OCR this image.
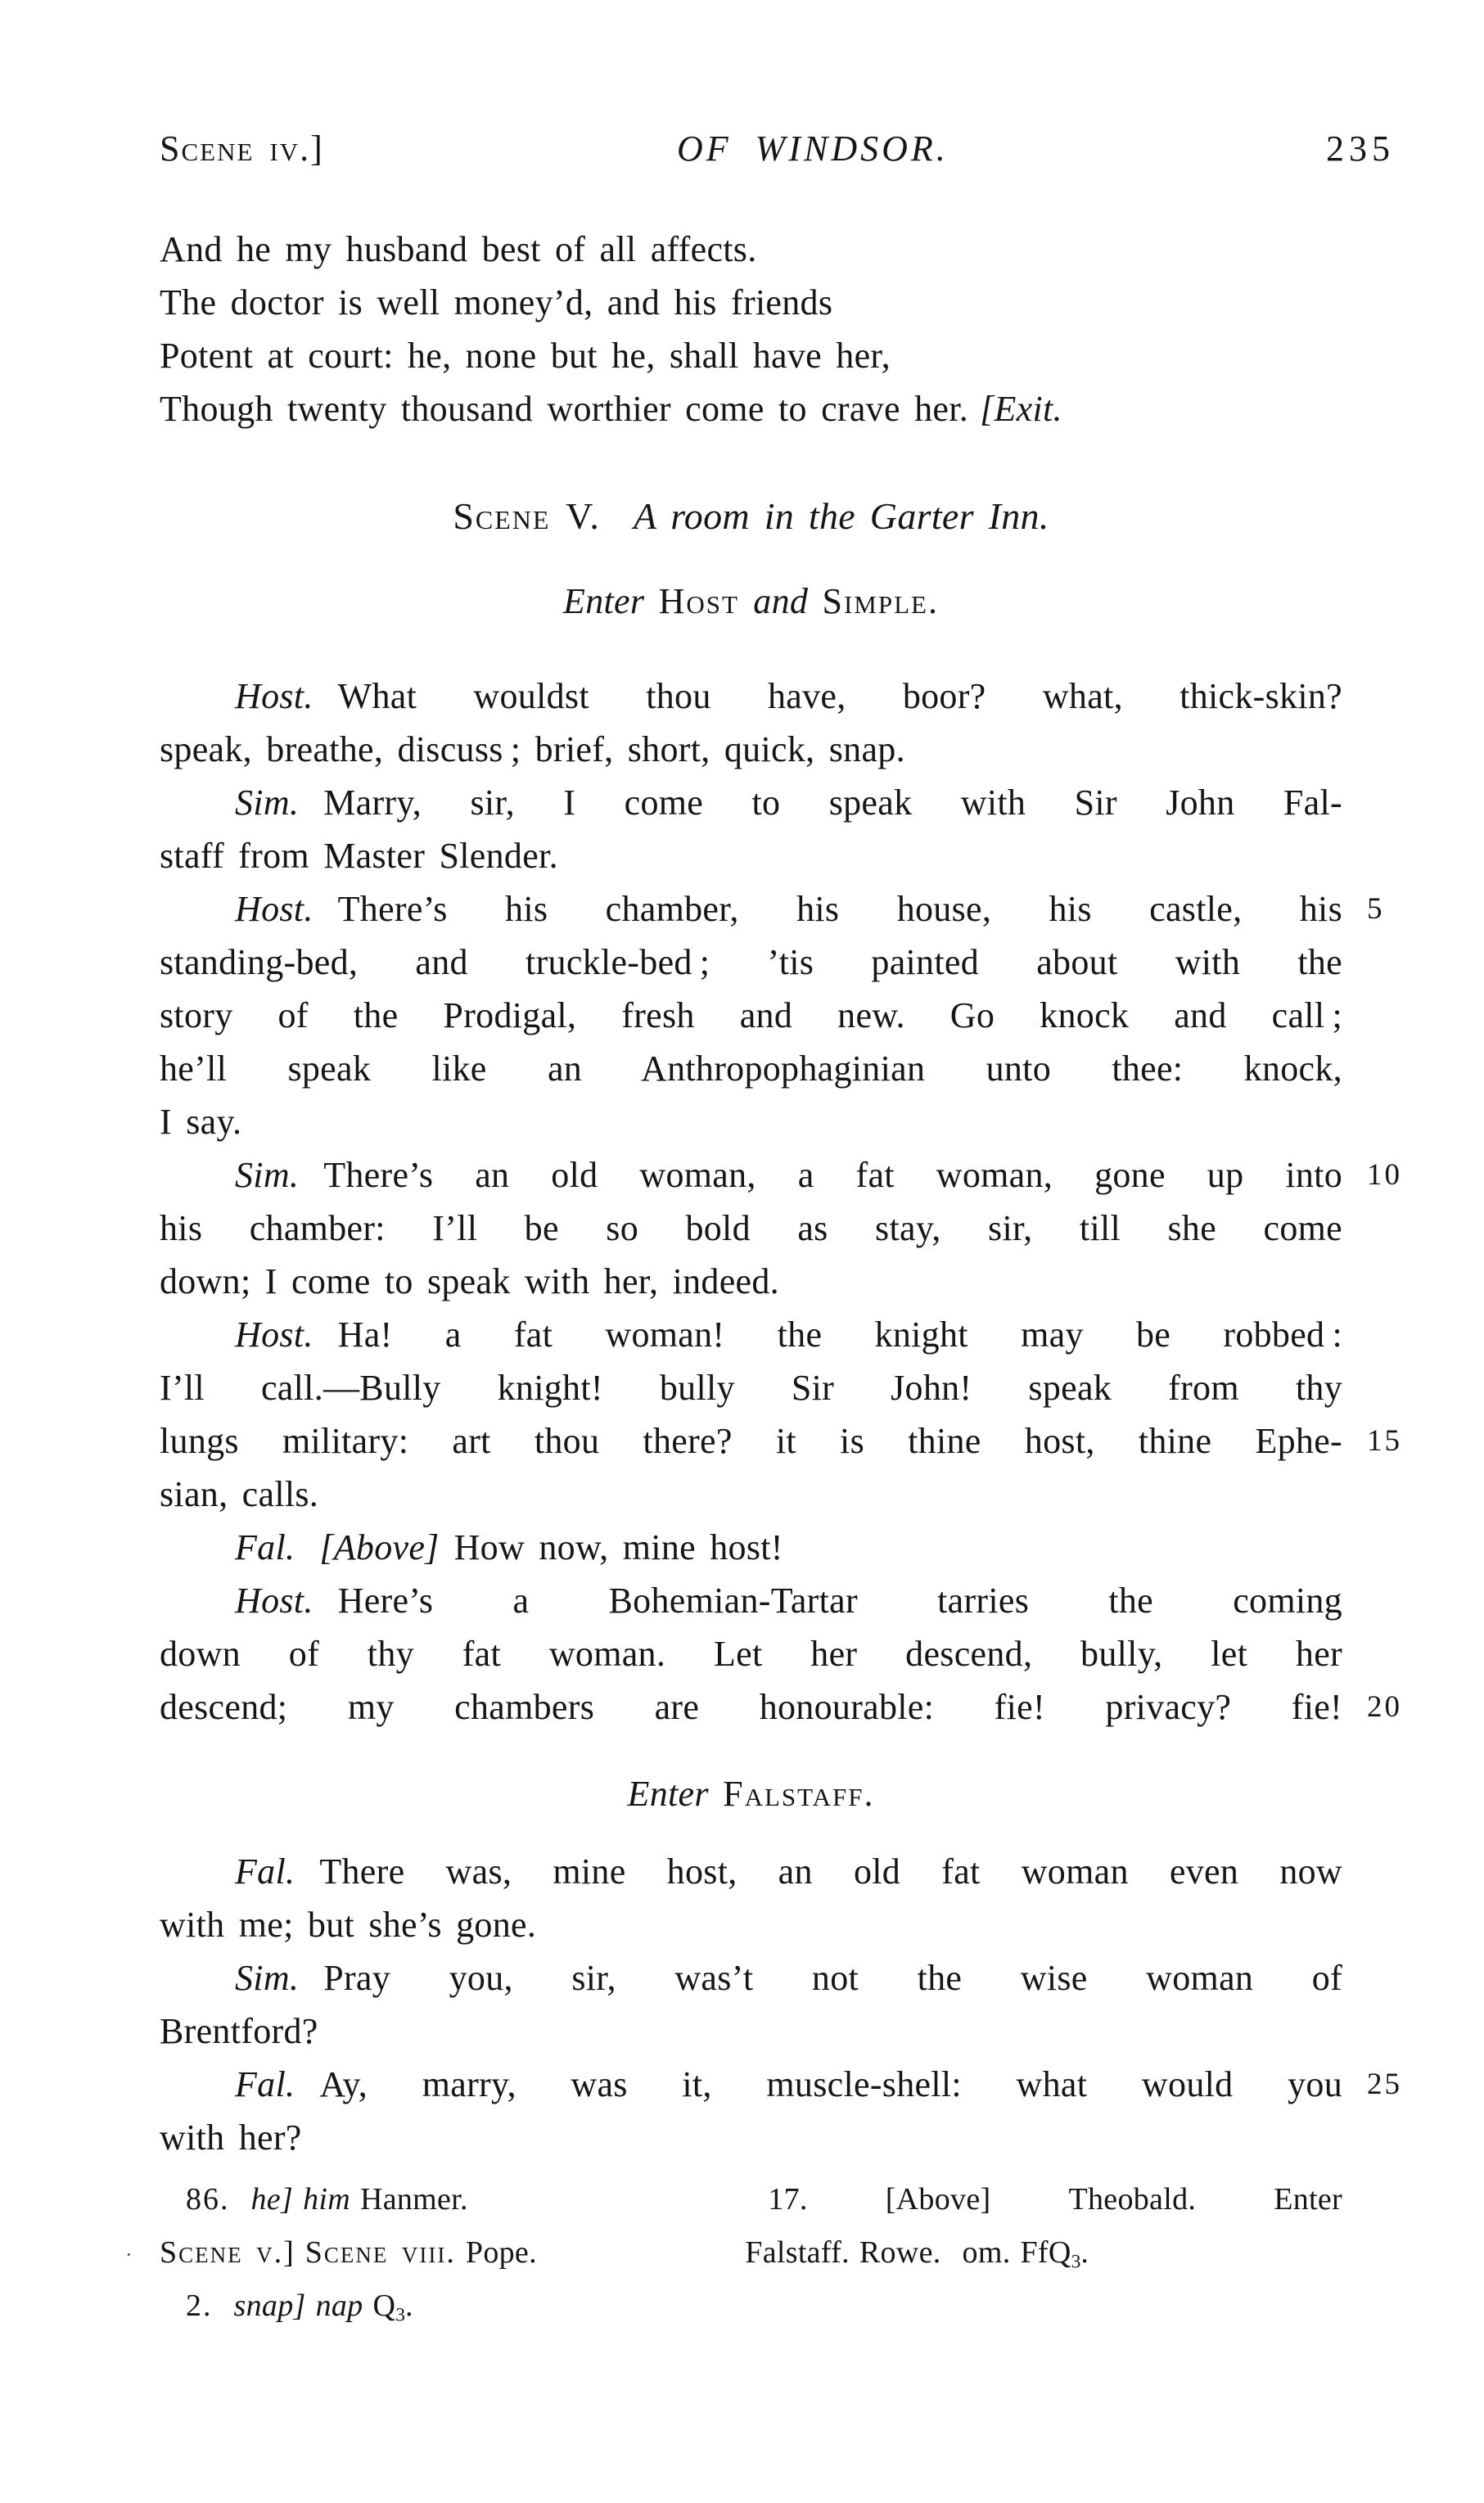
Scene iv.]	OF WINDSOR.	235
And he my husband best of all affects.
The doctor is well money’d, and his friends
Potent at court: he, none but he, shall have her,
Though twenty thousand worthier come to crave her. [Exit.
Scene V. A room in the Garter Inn.
Enter Host and Simple.
Host. What wouldst thou have, boor? what, thick-skin?
speak, breathe, discuss ; brief, short, quick, snap.
Sim. Marry, sir, I come to speak with Sir John Fal-
staff from Master Slender.
Host. There’s his chamber, his house, his castle, his 5
standing-bed, and truckle-bed ; ’tis painted about with the
story of the Prodigal, fresh and new. Go knock and call ;
he’ll speak like an Anthropophaginian unto thee: knock,
I say.
Sim. There’s an old woman, a fat woman, gone up into 10
his chamber: I’ll be so bold as stay, sir, till she come
down; I come to speak with her, indeed.
Host. Ha! a fat woman! the knight may be robbed :
I’ll call.—Bully knight! bully Sir John! speak from thy
lungs military: art thou there? it is thine host, thine Ephe- 15
sian, calls.
Fal. [Above] How now, mine host!
Host. Here’s a Bohemian-Tartar tarries the coming
down of thy fat woman. Let her descend, bully, let her
descend; my chambers are honourable: fie! privacy? fie! 20
Enter Falstaff.
Fal. There was, mine host, an old fat woman even now
with me; but she’s gone.
Sim. Pray you, sir, was’t not the wise woman of
Brentford?
Fal. Ay, marry, was it, muscle-shell: what would you 25
with her?
86. he] him Hanmer.
· Scene v.] Scene viii. Pope.
2. snap] nap $Q_3$.
17.	[Above]	Theobald.	Enter
Falstaff. Rowe. om. FfQ$_3$.
